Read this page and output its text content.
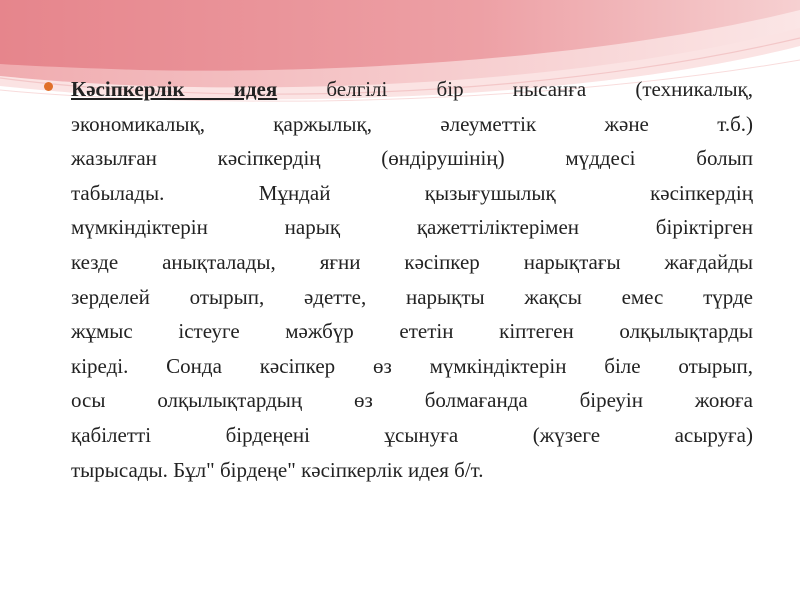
Кәсіпкерлік идея белгілі бір нысанға (техникалық,
экономикалық, қаржылық, әлеуметтік және т.б.)
жазылған кәсіпкердің (өндірушінің) мүддесі болып
табылады. Мұндай қызығушылық кәсіпкердің
мүмкіндіктерін нарық қажеттіліктерімен біріктірген
кезде анықталады, яғни кәсіпкер нарықтағы жағдайды
зерделей отырып, әдетте, нарықты жақсы емес түрде
жұмыс істеуге мәжбүр ететін кіптеген олқылықтарды
кіреді. Сонда кәсіпкер өз мүмкіндіктерін біле отырып,
осы олқылықтардың өз болмағанда біреуін жоюға
қабілетті бірдеңені ұсынуға (жүзеге асыруға)
тырысады. Бұл" бірдеңе" кәсіпкерлік идея б/т.
